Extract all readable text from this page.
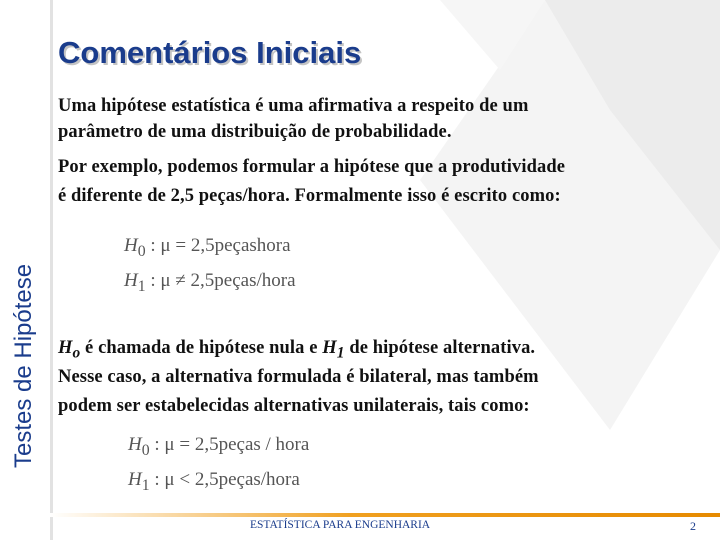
Testes de Hipótese
Comentários Iniciais
Uma hipótese estatística é uma afirmativa a respeito de um
parâmetro de uma distribuição de probabilidade.
Por exemplo, podemos formular a hipótese que a produtividade
é diferente de 2,5 peças/hora. Formalmente isso é escrito como:
$H_0$ : μ = 2,5peçashora
$H_1$ : μ ≠ 2,5peças/hora
$H_o$ é chamada de hipótese nula e $H_1$ de hipótese alternativa.
Nesse caso, a alternativa formulada é bilateral, mas também
podem ser estabelecidas alternativas unilaterais, tais como:
$H_0$ : μ = 2,5peças / hora
$H_1$ : μ < 2,5peças/hora
ESTATÍSTICA PARA ENGENHARIA	2
